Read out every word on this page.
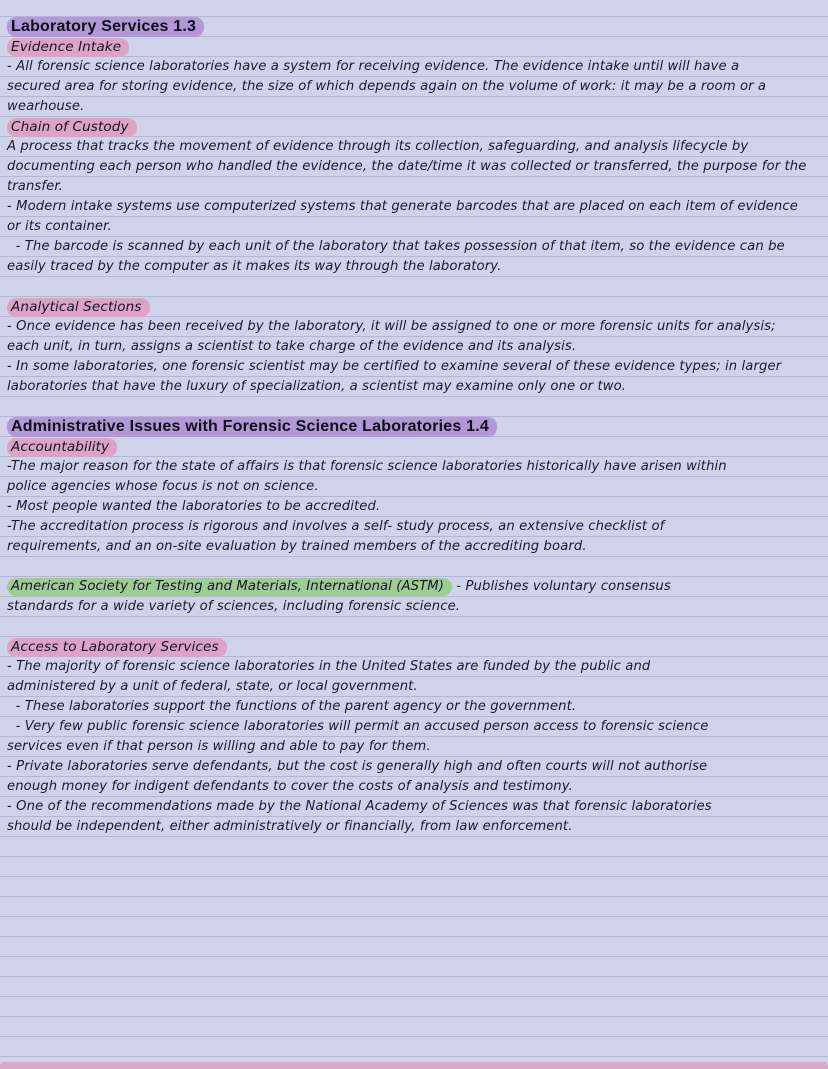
Laboratory Services 1.3
Evidence Intake
- All forensic science laboratories have a system for receiving evidence. The evidence intake until will have a
secured area for storing evidence, the size of which depends again on the volume of work: it may be a room or a
wearhouse.
Chain of Custody
A process that tracks the movement of evidence through its collection, safeguarding, and analysis lifecycle by
documenting each person who handled the evidence, the date/time it was collected or transferred, the purpose for the
transfer.
- Modern intake systems use computerized systems that generate barcodes that are placed on each item of evidence
or its container.
- The barcode is scanned by each unit of the laboratory that takes possession of that item, so the evidence can be
easily traced by the computer as it makes its way through the laboratory.

Analytical Sections
- Once evidence has been received by the laboratory, it will be assigned to one or more forensic units for analysis;
each unit, in turn, assigns a scientist to take charge of the evidence and its analysis.
- In some laboratories, one forensic scientist may be certified to examine several of these evidence types; in larger
laboratories that have the luxury of specialization, a scientist may examine only one or two.

Administrative Issues with Forensic Science Laboratories 1.4
Accountability
-The major reason for the state of affairs is that forensic science laboratories historically have arisen within
police agencies whose focus is not on science.
- Most people wanted the laboratories to be accredited.
-The accreditation process is rigorous and involves a self- study process, an extensive checklist of
requirements, and an on-site evaluation by trained members of the accrediting board.

American Society for Testing and Materials, International (ASTM) - Publishes voluntary consensus
standards for a wide variety of sciences, including forensic science.

Access to Laboratory Services
- The majority of forensic science laboratories in the United States are funded by the public and
administered by a unit of federal, state, or local government.
- These laboratories support the functions of the parent agency or the government.
- Very few public forensic science laboratories will permit an accused person access to forensic science
services even if that person is willing and able to pay for them.
- Private laboratories serve defendants, but the cost is generally high and often courts will not authorise
enough money for indigent defendants to cover the costs of analysis and testimony.
- One of the recommendations made by the National Academy of Sciences was that forensic laboratories
should be independent, either administratively or financially, from law enforcement.
